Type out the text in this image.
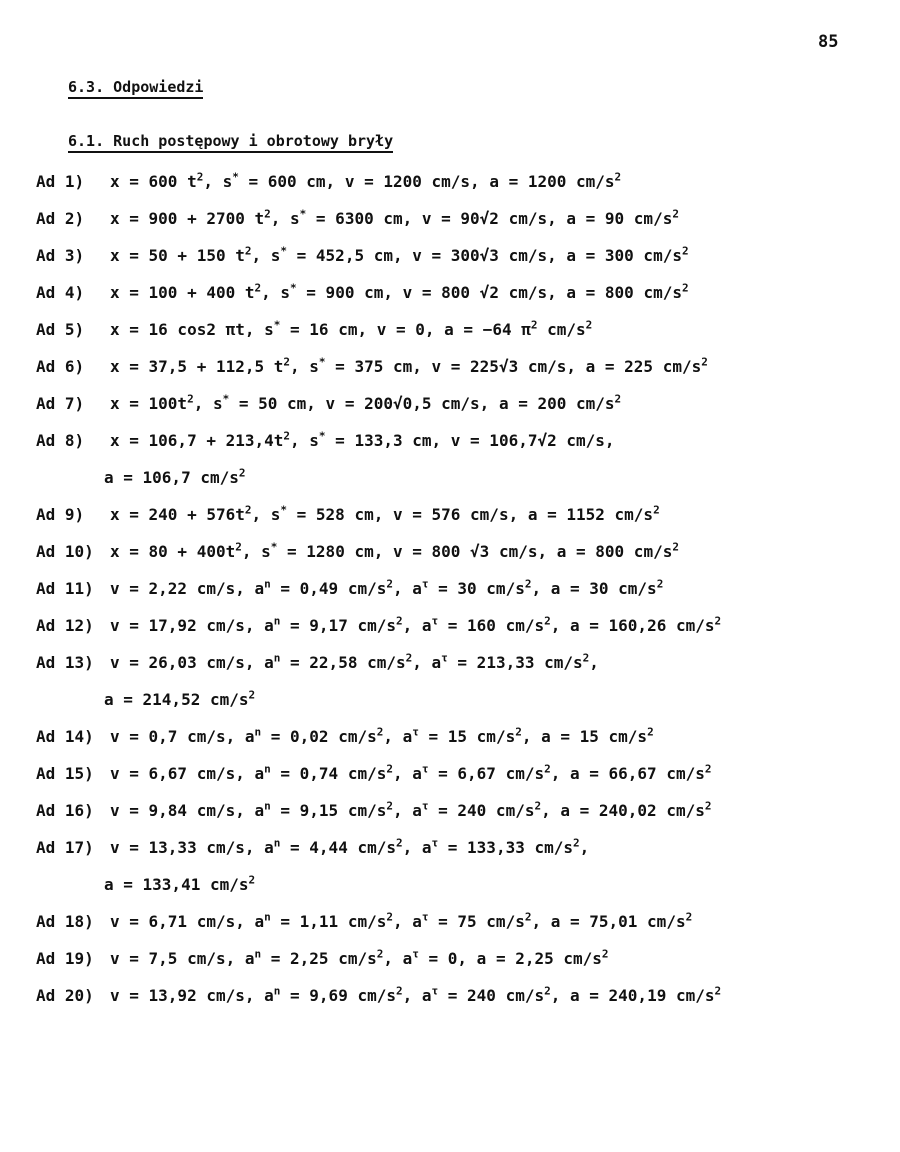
85
6.3. Odpowiedzi
6.1. Ruch postępowy i obrotowy bryły
Ad 1) x = 600 $t^2$, s* = 600 cm, v = 1200 cm/s, a = 1200 $cm/s^2$
Ad 2) x = 900 + 2700 $t^2$, s* = 6300 cm, v = 90√2 cm/s, a = 90 $cm/s^2$
Ad 3) x = 50 + 150 $t^2$, s* = 452,5 cm, v = 300√3 cm/s, a = 300 $cm/s^2$
Ad 4) x = 100 + 400 $t^2$, s* = 900 cm, v = 800 √2 cm/s, a = 800 $cm/s^2$
Ad 5) x = 16 cos2 πt, s* = 16 cm, v = 0, a = −64 $\pi^2$ $cm/s^2$
Ad 6) x = 37,5 + 112,5 $t^2$, s* = 375 cm, v = 225√3 cm/s, a = 225 $cm/s^2$
Ad 7) $x = 100t^2$, s* = 50 cm, v = 200√0,5 cm/s, a = 200 $cm/s^2$
Ad 8) $x = 106,7 + 213,4t^2$, s* = 133,3 cm, v = 106,7√2 cm/s,
a = 106,7 $cm/s^2$
Ad 9) $x = 240 + 576t^2$, s* = 528 cm, v = 576 cm/s, a = 1152 $cm/s^2$
Ad 10) $x = 80 + 400t^2$, s* = 1280 cm, v = 800 √3 cm/s, a = 800 $cm/s^2$
Ad 11) v = 2,22 cm/s, $a^n = 0,49$ $cm/s^2$, $a^\tau = 30$ $cm/s^2$, a = 30 $cm/s^2$
Ad 12) v = 17,92 cm/s, $a^n = 9,17$ $cm/s^2$, $a^\tau = 160$ $cm/s^2$, a = 160,26 $cm/s^2$
Ad 13) v = 26,03 cm/s, $a^n = 22,58$ $cm/s^2$, $a^\tau = 213,33$ $cm/s^2$,
a = 214,52 $cm/s^2$
Ad 14) v = 0,7 cm/s, $a^n = 0,02$ $cm/s^2$, $a^\tau = 15$ $cm/s^2$, a = 15 $cm/s^2$
Ad 15) v = 6,67 cm/s, $a^n = 0,74$ $cm/s^2$, $a^\tau = 6,67$ $cm/s^2$, a = 66,67 $cm/s^2$
Ad 16) v = 9,84 cm/s, $a^n = 9,15$ $cm/s^2$, $a^\tau = 240$ $cm/s^2$, a = 240,02 $cm/s^2$
Ad 17) v = 13,33 cm/s, $a^n = 4,44$ $cm/s^2$, $a^\tau = 133,33$ $cm/s^2$,
a = 133,41 $cm/s^2$
Ad 18) v = 6,71 cm/s, $a^n = 1,11$ $cm/s^2$, $a^\tau = 75$ $cm/s^2$, a = 75,01 $cm/s^2$
Ad 19) v = 7,5 cm/s, $a^n = 2,25$ $cm/s^2$, $a^\tau = 0$, a = 2,25 $cm/s^2$
Ad 20) v = 13,92 cm/s, $a^n = 9,69$ $cm/s^2$, $a^\tau = 240$ $cm/s^2$, a = 240,19 $cm/s^2$
